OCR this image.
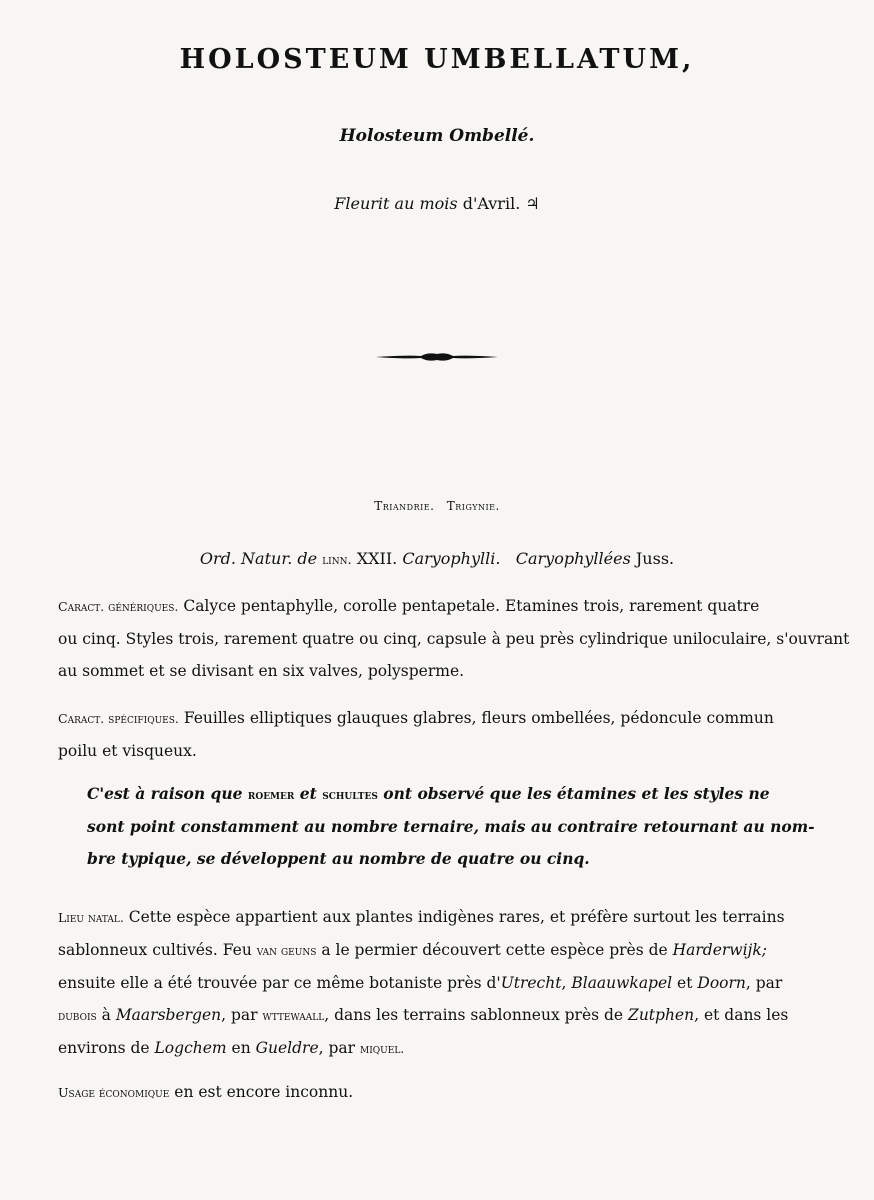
HOLOSTEUM UMBELLATUM,
Holosteum Ombellé.
Fleurit au mois d'Avril. ♃
Triandrie. Trigynie.
Ord. Natur. de linn. XXII. Caryophylli. Caryophyllées Juss.
Caract. génériques. Calyce pentaphylle, corolle pentapetale. Etamines trois, rarement quatre
ou cinq. Styles trois, rarement quatre ou cinq, capsule à peu près cylindrique uniloculaire, s'ouvrant
au sommet et se divisant en six valves, polysperme.
Caract. spécifiques. Feuilles elliptiques glauques glabres, fleurs ombellées, pédoncule commun
poilu et visqueux.
C'est à raison que roemer et schultes ont observé que les étamines et les styles ne
sont point constamment au nombre ternaire, mais au contraire retournant au nom-
bre typique, se développent au nombre de quatre ou cinq.
Lieu natal. Cette espèce appartient aux plantes indigènes rares, et préfère surtout les terrains
sablonneux cultivés. Feu van geuns a le permier découvert cette espèce près de Harderwijk;
ensuite elle a été trouvée par ce même botaniste près d'Utrecht, Blaauwkapel et Doorn, par
dubois à Maarsbergen, par wttewaall, dans les terrains sablonneux près de Zutphen, et dans les
environs de Logchem en Gueldre, par miquel.
Usage économique en est encore inconnu.
